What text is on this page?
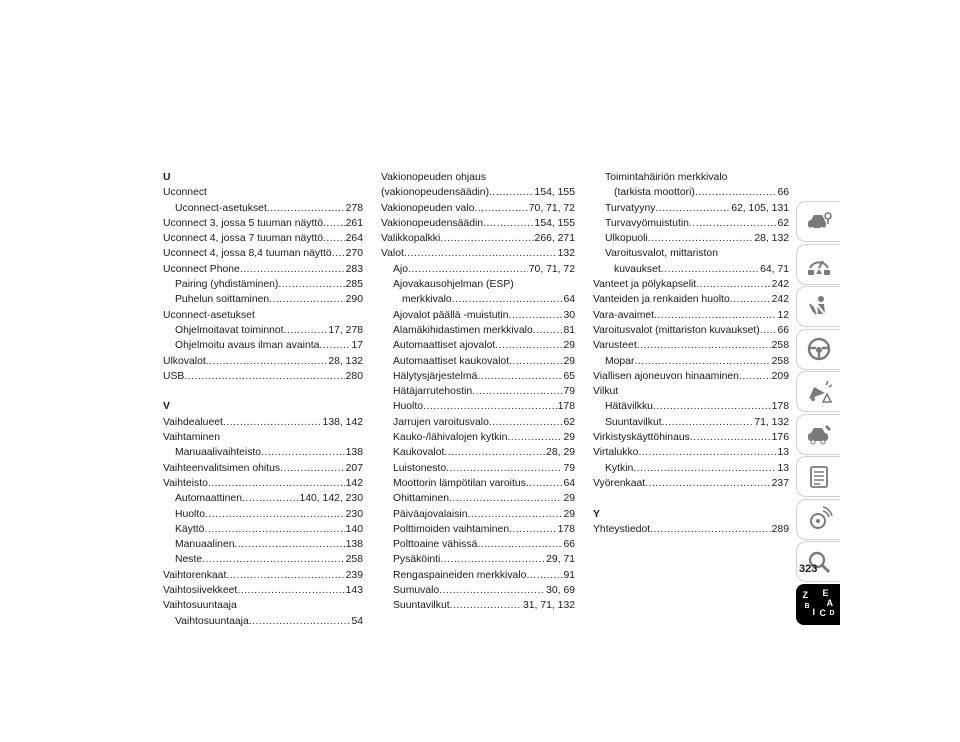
U
Uconnect
Uconnect-asetukset .....	278
Uconnect 3, jossa 5 tuuman näyttö ..... 261
Uconnect 4, jossa 7 tuuman näyttö ..... 264
Uconnect 4, jossa 8,4 tuuman näyttö ..... 270
Uconnect Phone .....	283
Pairing (yhdistäminen) .....	285
Puhelun soittaminen .....	290
Uconnect-asetukset
Ohjelmoitavat toiminnot .....	17, 278
Ohjelmoitu avaus ilman avainta .....	17
Ulkovalot .....	28, 132
USB .....	280
V
Vaihdealueet .....	138, 142
Vaihtaminen
Manuaalivaihteisto .....	138
Vaihteenvalitsimen ohitus .....	207
Vaihteisto .....	142
Automaattinen .....	140, 142, 230
Huolto .....	230
Käyttö .....	140
Manuaalinen .....	138
Neste .....	258
Vaihtorenkaat .....	239
Vaihtosiivekkeet .....	143
Vaihtosuuntaaja
Vaihtosuuntaaja .....	54
Vakionopeuden ohjaus
(vakionopeudensäädin) .....	154, 155
Vakionopeuden valo .....	70, 71, 72
Vakionopeudensäädin .....	154, 155
Valikkopalkki .....	266, 271
Valot .....	132
Ajo .....	70, 71, 72
Ajovakausohjelman (ESP)
merkkivalo .....	64
Ajovalot päällä -muistutin .....	30
Alamäkihidastimen merkkivalo .....	81
Automaattiset ajovalot .....	29
Automaattiset kaukovalot .....	29
Hälytysjärjestelmä .....	65
Hätäjarrutehostin .....	79
Huolto .....	178
Jarrujen varoitusvalo .....	62
Kauko-/lähivalojen kytkin .....	29
Kaukovalot .....	28, 29
Luistonesto .....	79
Moottorin lämpötilan varoitus .....	64
Ohittaminen .....	29
Päiväajovalaisin .....	29
Polttimoiden vaihtaminen .....	178
Polttoaine vähissä .....	66
Pysäköinti .....	29, 71
Rengaspaineiden merkkivalo .....	91
Sumuvalo .....	30, 69
Suuntavilkut .....	31, 71, 132
Toimintahäiriön merkkivalo
(tarkista moottori) .....	66
Turvatyyny .....	62, 105, 131
Turvavyömuistutin .....	62
Ulkopuoli .....	28, 132
Varoitusvalot, mittariston
kuvaukset .....	64, 71
Vanteet ja pölykapselit .....	242
Vanteiden ja renkaiden huolto .....	242
Vara-avaimet .....	12
Varoitusvalot (mittariston kuvaukset) ..... 66
Varusteet .....	258
Mopar .....	258
Viallisen ajoneuvon hinaaminen .....	209
Vilkut
Hätävilkku .....	178
Suuntavilkut .....	71, 132
Virkistyskäyttöhinaus .....	176
Virtalukko .....	13
Kytkin .....	13
Vyörenkaat .....	237
Y
Yhteystiedot .....	289
Z E
A
B
I C D
323
